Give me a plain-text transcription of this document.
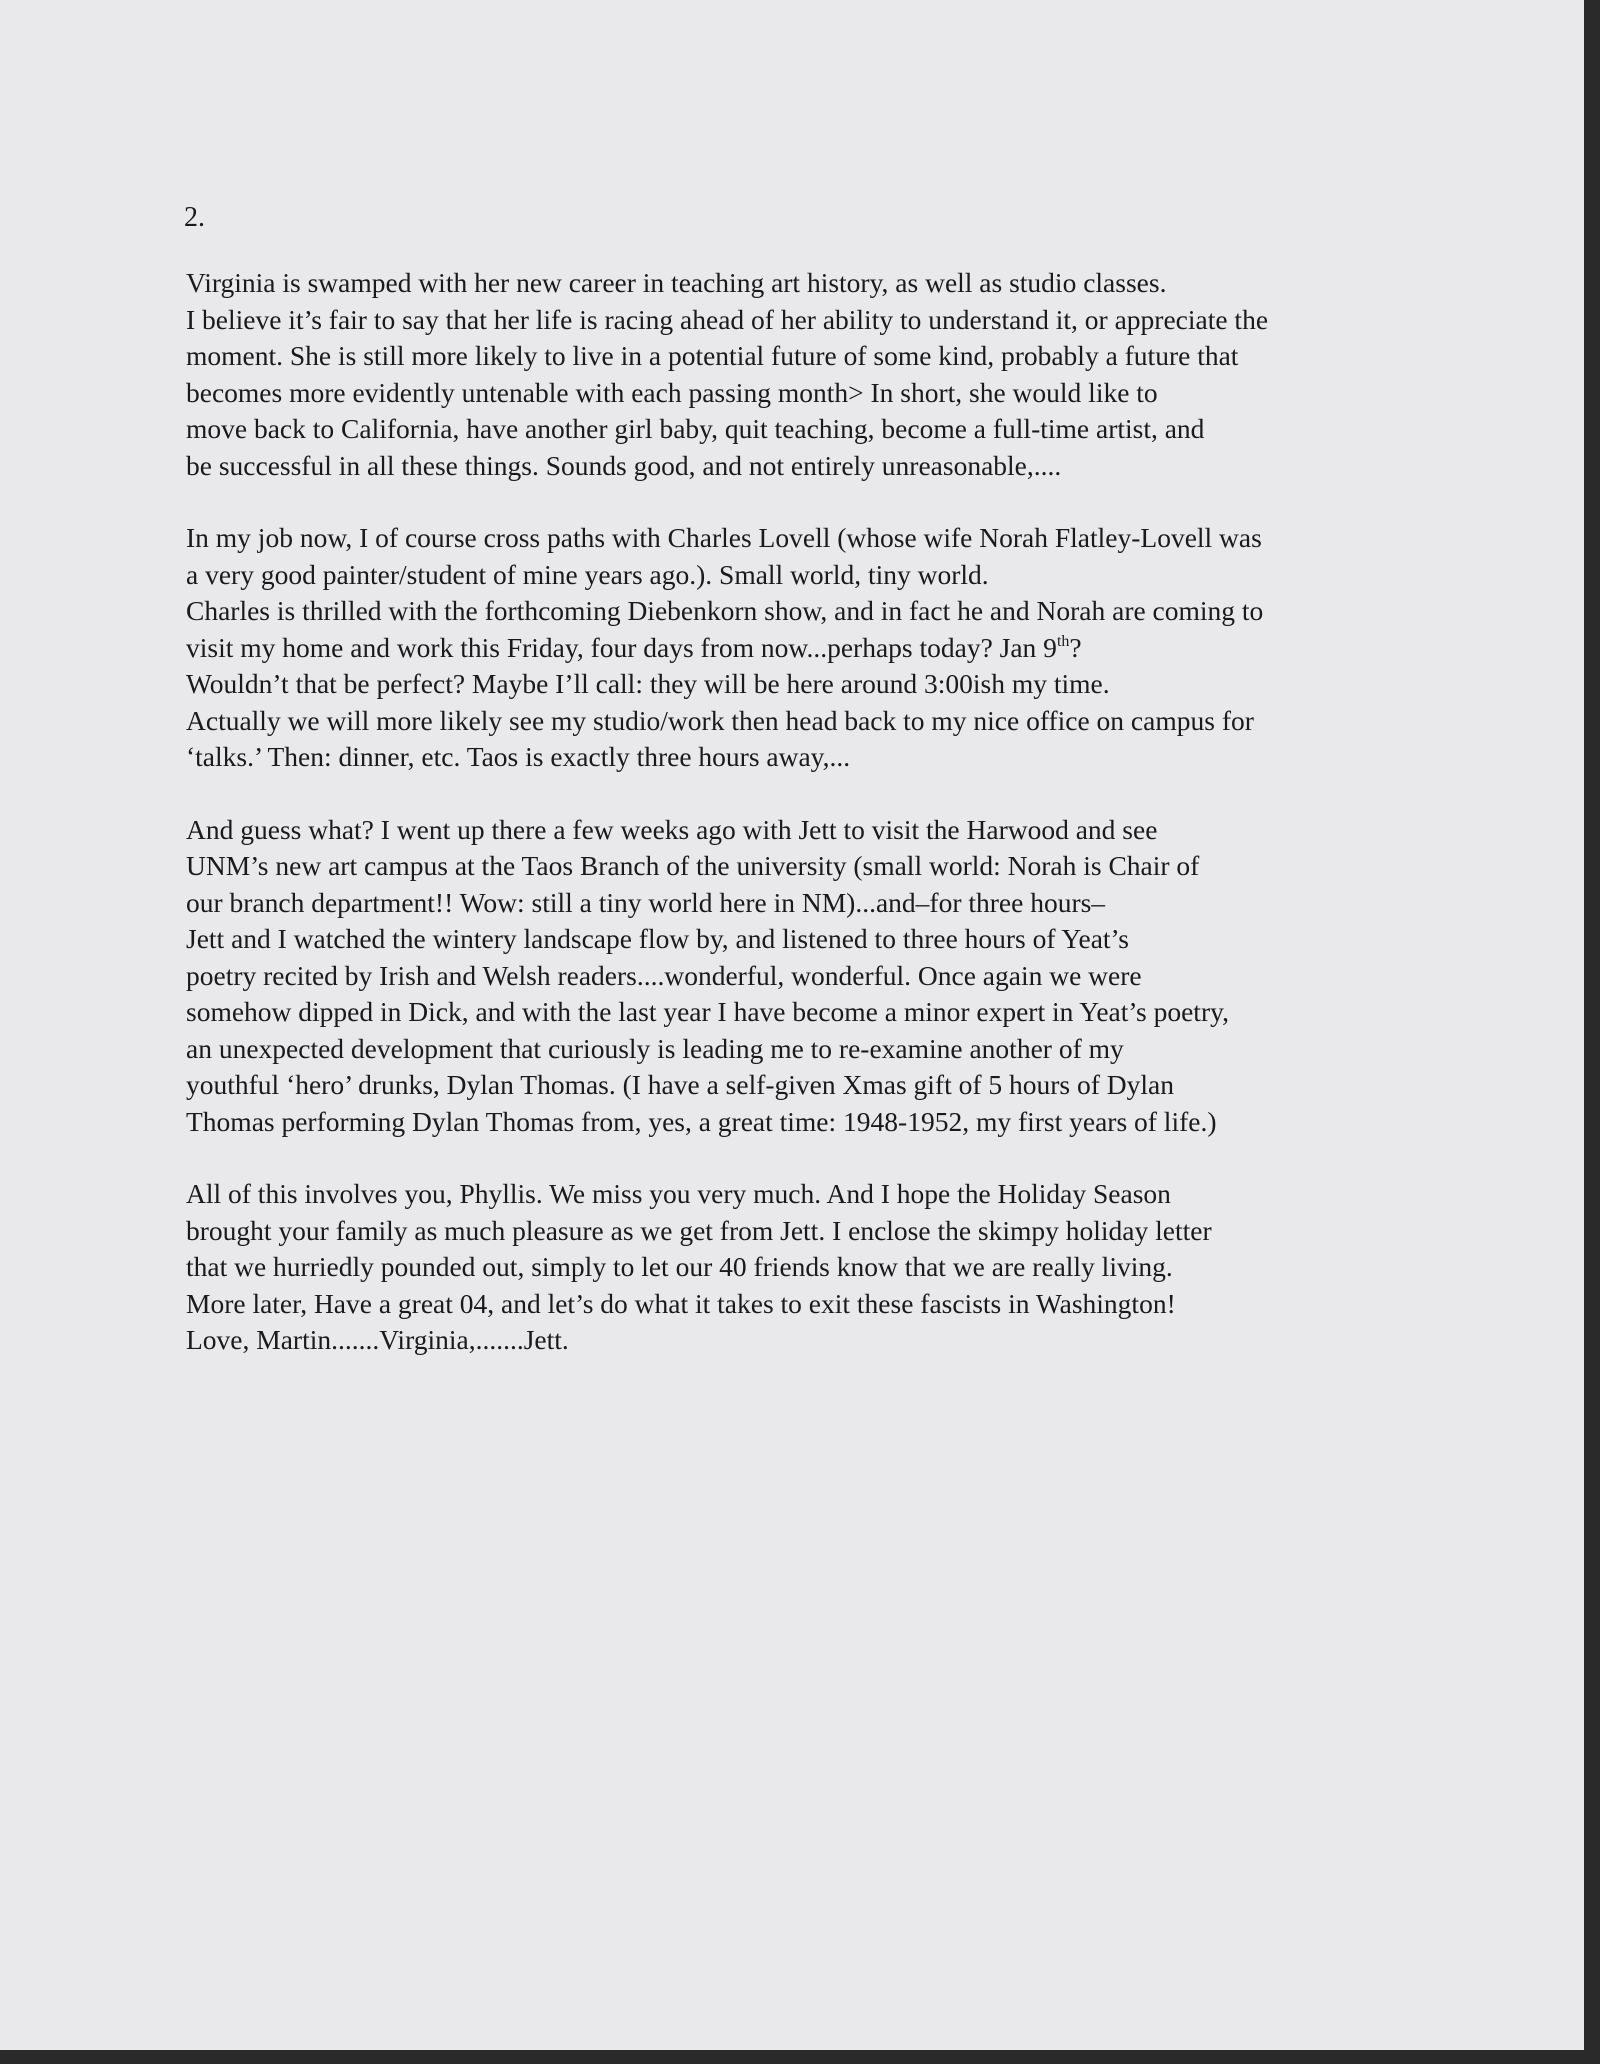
2.
Virginia is swamped with her new career in teaching art history, as well as studio classes.
I believe it’s fair to say that her life is racing ahead of her ability to understand it, or appreciate the
moment. She is still more likely to live in a potential future of some kind, probably a future that
becomes more evidently untenable with each passing month> In short, she would like to
move back to California, have another girl baby, quit teaching, become a full-time artist, and
be successful in all these things. Sounds good, and not entirely unreasonable,....
In my job now, I of course cross paths with Charles Lovell (whose wife Norah Flatley-Lovell was
a very good painter/student of mine years ago.). Small world, tiny world.
Charles is thrilled with the forthcoming Diebenkorn show, and in fact he and Norah are coming to
visit my home and work this Friday, four days from now...perhaps today? Jan 9th?
Wouldn’t that be perfect? Maybe I’ll call: they will be here around 3:00ish my time.
Actually we will more likely see my studio/work then head back to my nice office on campus for
‘talks.’ Then: dinner, etc. Taos is exactly three hours away,...
And guess what? I went up there a few weeks ago with Jett to visit the Harwood and see
UNM’s new art campus at the Taos Branch of the university (small world: Norah is Chair of
our branch department!! Wow: still a tiny world here in NM)...and–for three hours–
Jett and I watched the wintery landscape flow by, and listened to three hours of Yeat’s
poetry recited by Irish and Welsh readers....wonderful, wonderful. Once again we were
somehow dipped in Dick, and with the last year I have become a minor expert in Yeat’s poetry,
an unexpected development that curiously is leading me to re-examine another of my
youthful ‘hero’ drunks, Dylan Thomas. (I have a self-given Xmas gift of 5 hours of Dylan
Thomas performing Dylan Thomas from, yes, a great time: 1948-1952, my first years of life.)
All of this involves you, Phyllis. We miss you very much. And I hope the Holiday Season
brought your family as much pleasure as we get from Jett. I enclose the skimpy holiday letter
that we hurriedly pounded out, simply to let our 40 friends know that we are really living.
More later, Have a great 04, and let’s do what it takes to exit these fascists in Washington!
Love, Martin.......Virginia,.......Jett.
